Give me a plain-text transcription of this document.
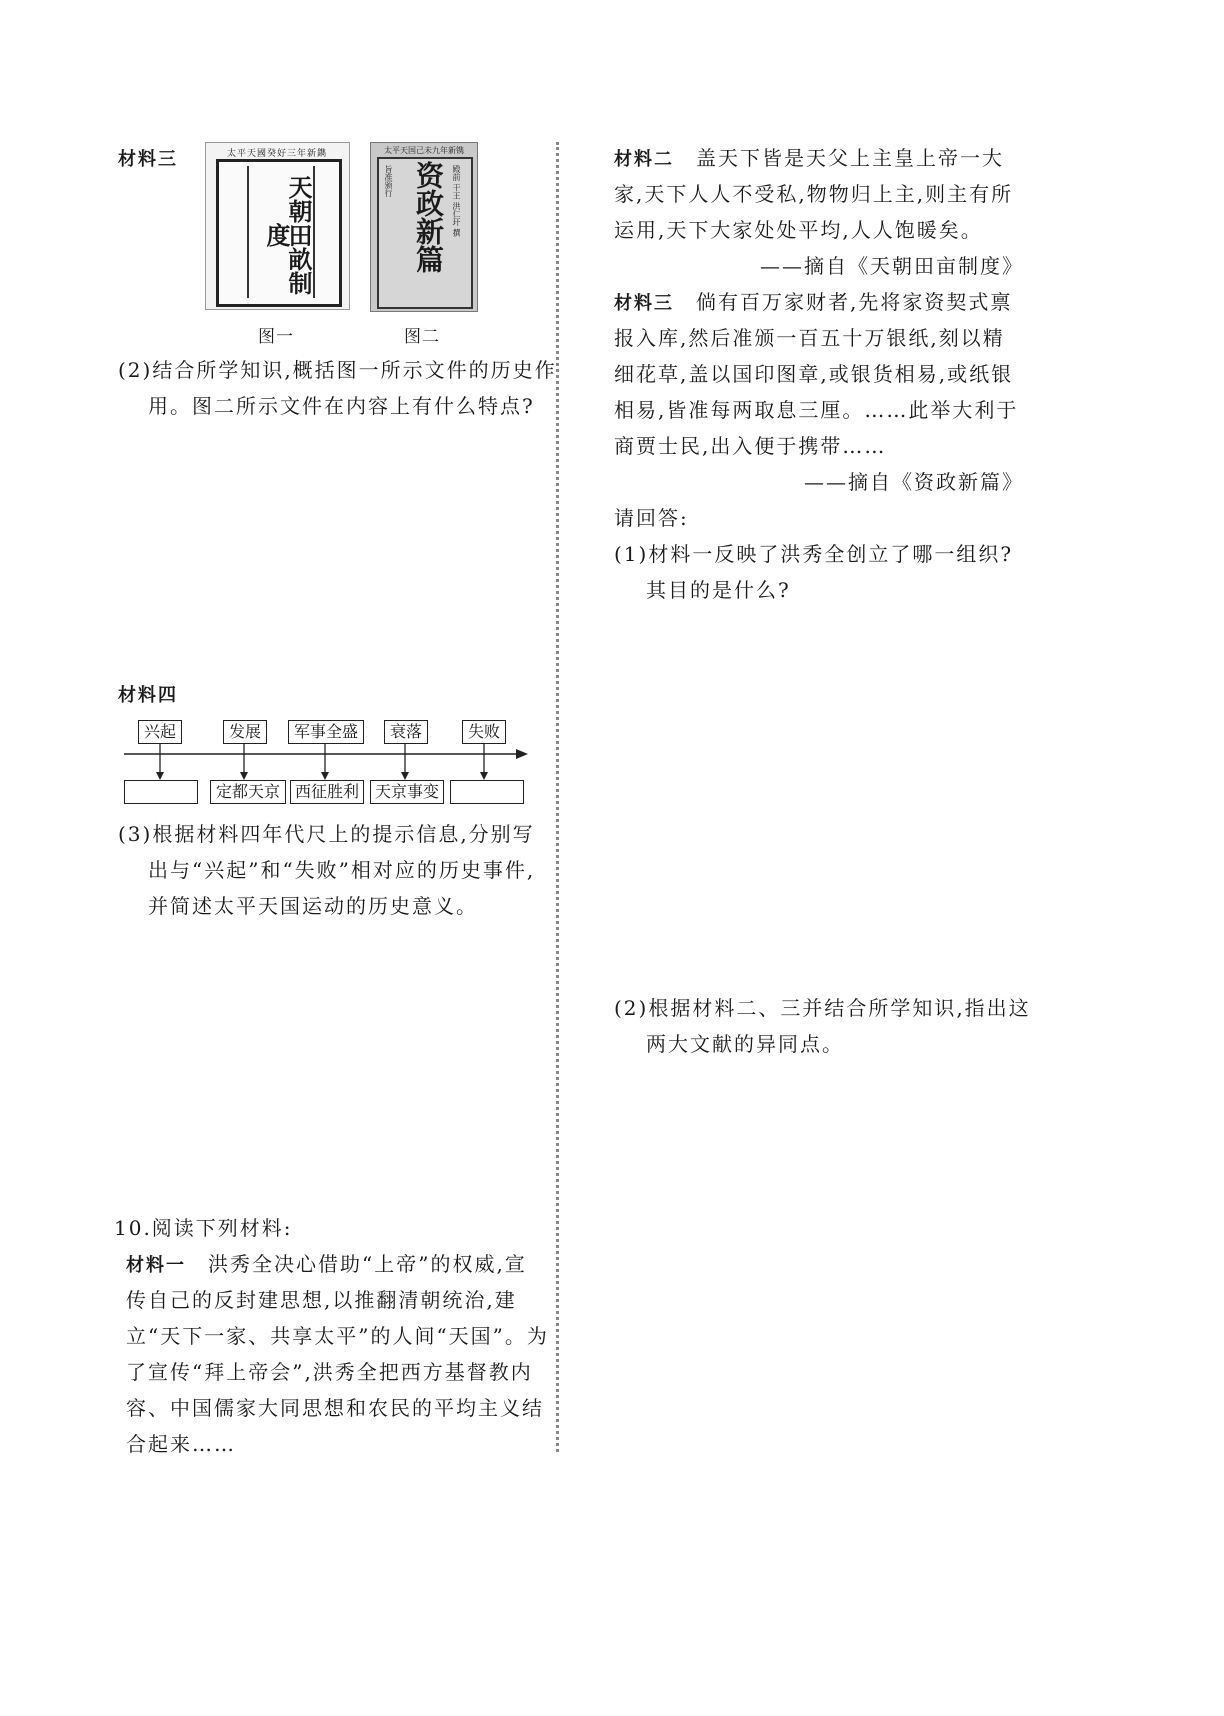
材料三	太平天國癸好三年新鐫
天朝田畝制度
图一
太平天国己未九年新镌
旨准颁行 资政新篇 殿前 干王 洪仁玕 撰
图二
(2)结合所学知识,概括图一所示文件的历史作
用。图二所示文件在内容上有什么特点?
材料四
兴起	发展	军事全盛	衰落	失败
定都天京 西征胜利 天京事变
(3)根据材料四年代尺上的提示信息,分别写
出与“兴起”和“失败”相对应的历史事件,
并简述太平天国运动的历史意义。
10.阅读下列材料:
材料一 洪秀全决心借助“上帝”的权威,宣
传自己的反封建思想,以推翻清朝统治,建
立“天下一家、共享太平”的人间“天国”。为
了宣传“拜上帝会”,洪秀全把西方基督教内
容、中国儒家大同思想和农民的平均主义结
合起来……
材料二 盖天下皆是天父上主皇上帝一大
家,天下人人不受私,物物归上主,则主有所
运用,天下大家处处平均,人人饱暖矣。
——摘自《天朝田亩制度》
材料三 倘有百万家财者,先将家资契式禀
报入库,然后准颁一百五十万银纸,刻以精
细花草,盖以国印图章,或银货相易,或纸银
相易,皆准每两取息三厘。……此举大利于
商贾士民,出入便于携带……
——摘自《资政新篇》
请回答:
(1)材料一反映了洪秀全创立了哪一组织?
其目的是什么?
(2)根据材料二、三并结合所学知识,指出这
两大文献的异同点。
